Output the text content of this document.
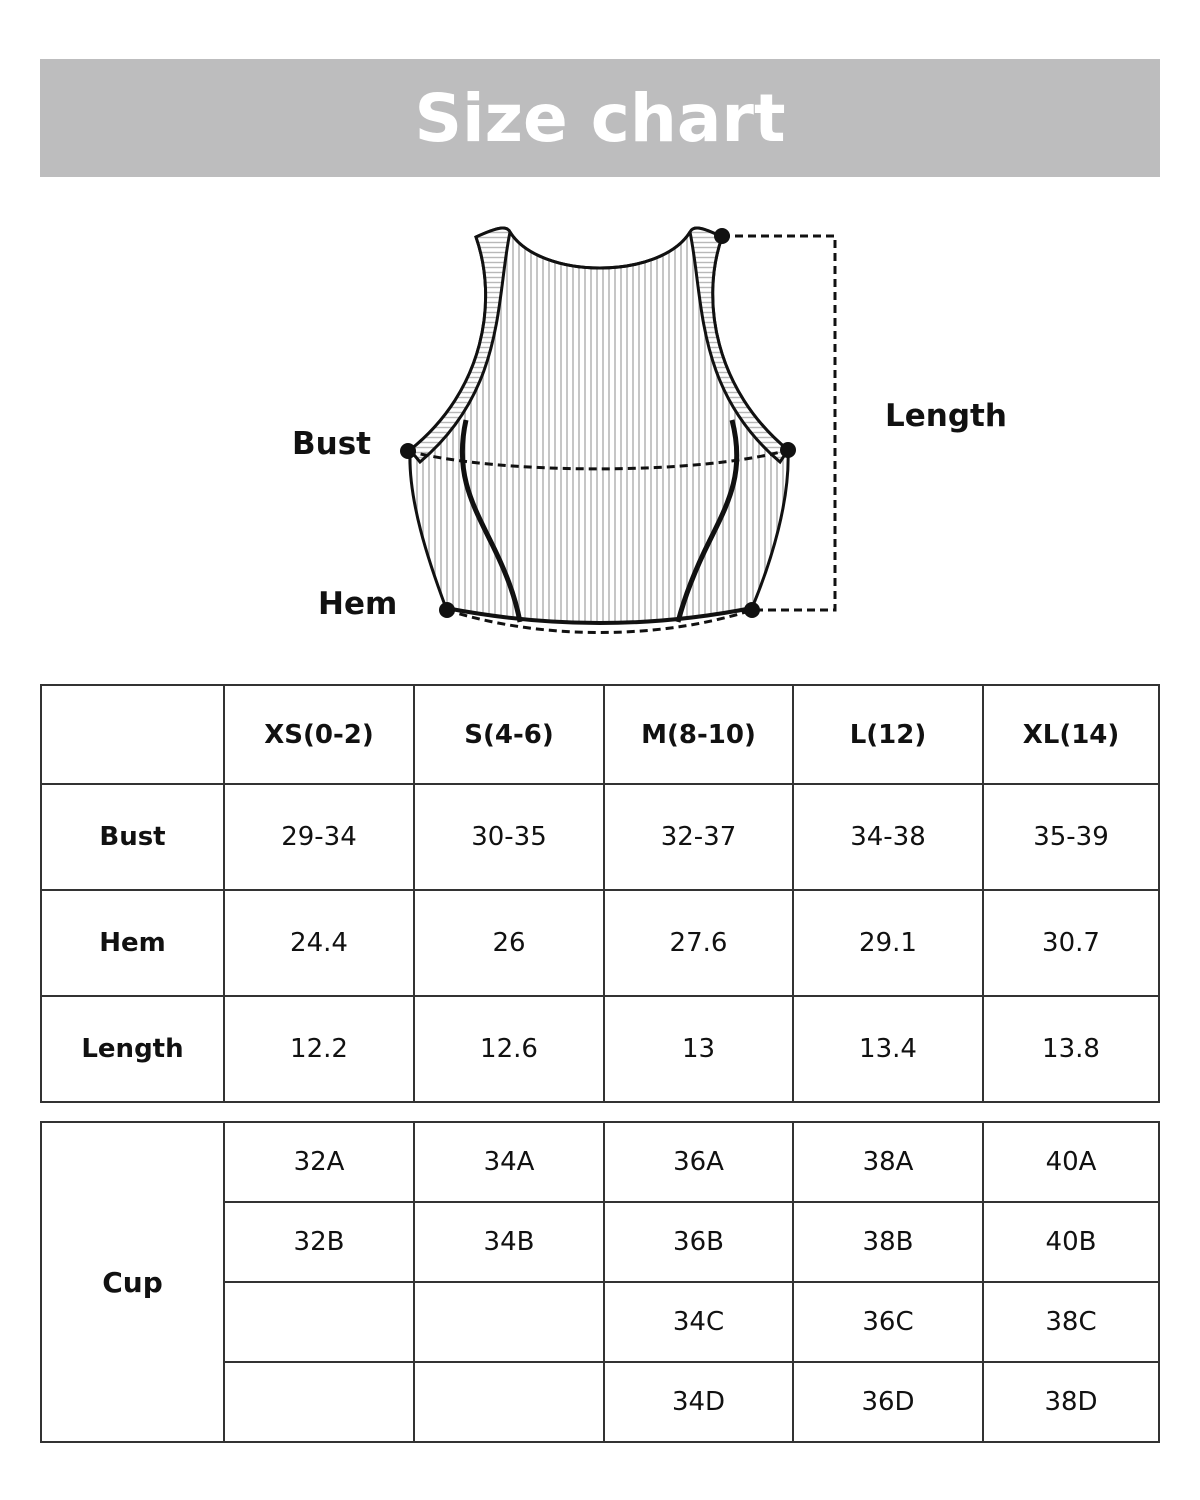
Size chart
Bust
Hem
Length
	XS(0-2)	S(4-6)	M(8-10)	L(12)	XL(14)
Bust	29-34	30-35	32-37	34-38	35-39
Hem	24.4	26	27.6	29.1	30.7
Length	12.2	12.6	13	13.4	13.8
Cup	32A	34A	36A	38A	40A
	32B	34B	36B	38B	40B
			34C	36C	38C
			34D	36D	38D
